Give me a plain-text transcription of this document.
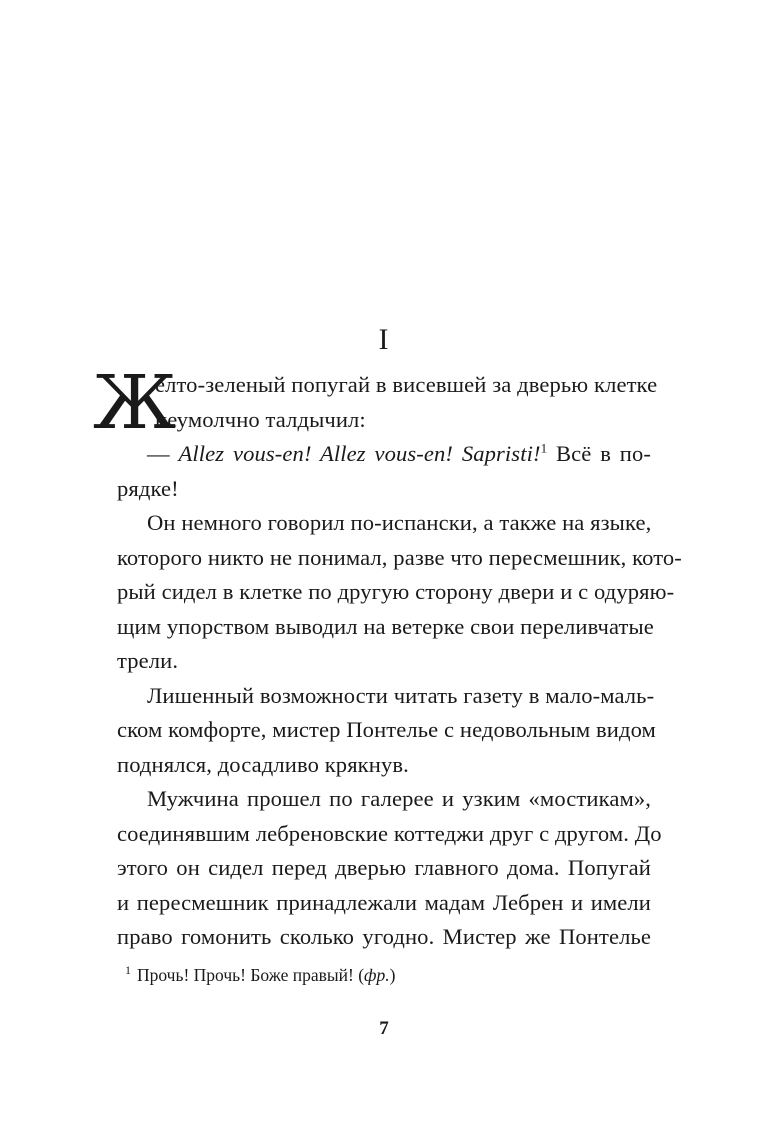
I
Ж
елто-зеленый попугай в висевшей за дверью клетке
неумолчно талдычил:
— Allez vous-en! Allez vous-en! Sapristi!$^1$ Всё в по-
рядке!
Он немного говорил по-испански, а также на языке,
которого никто не понимал, разве что пересмешник, кото-
рый сидел в клетке по другую сторону двери и с одуряю-
щим упорством выводил на ветерке свои переливчатые
трели.
Лишенный возможности читать газету в мало-маль-
ском комфорте, мистер Понтелье с недовольным видом
поднялся, досадливо крякнув.
Мужчина прошел по галерее и узким «мостикам»,
соединявшим лебреновские коттеджи друг с другом. До
этого он сидел перед дверью главного дома. Попугай
и пересмешник принадлежали мадам Лебрен и имели
право гомонить сколько угодно. Мистер же Понтелье
$^1$ Прочь! Прочь! Боже правый! (фр.)
7
